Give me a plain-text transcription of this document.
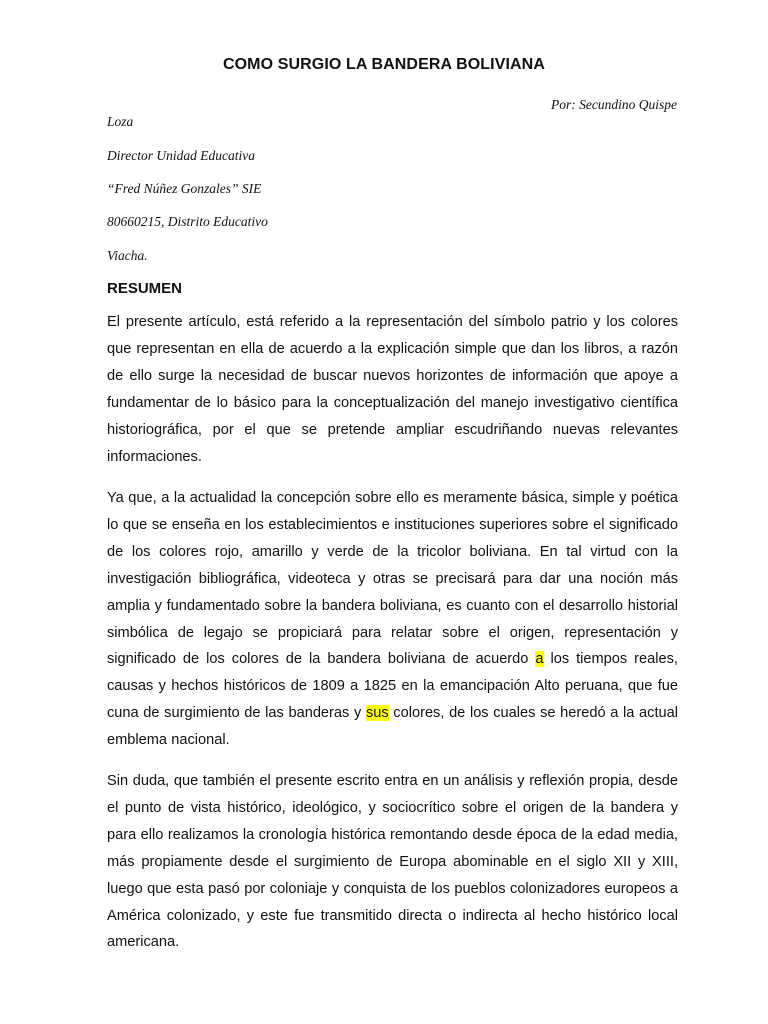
COMO SURGIO LA BANDERA BOLIVIANA

Por: Secundino Quispe

Loza

Director Unidad Educativa

“Fred Núñez Gonzales” SIE

80660215, Distrito Educativo

Viacha.

RESUMEN

El presente artículo, está referido a la representación del símbolo patrio y los colores que representan en ella de acuerdo a la explicación simple que dan los libros, a razón de ello surge la necesidad de buscar nuevos horizontes de información que apoye a fundamentar de lo básico para la conceptualización del manejo investigativo científica historiográfica, por el que se pretende ampliar escudriñando nuevas relevantes informaciones.

Ya que, a la actualidad la concepción sobre ello es meramente básica, simple y poética lo que se enseña en los establecimientos e instituciones superiores sobre el significado de los colores rojo, amarillo y verde de la tricolor boliviana. En tal virtud con la investigación bibliográfica, videoteca y otras se precisará para dar una noción más amplia y fundamentado sobre la bandera boliviana, es cuanto con el desarrollo historial simbólica de legajo se propiciará para relatar sobre el origen, representación y significado de los colores de la bandera boliviana de acuerdo a los tiempos reales, causas y hechos históricos de 1809 a 1825 en la emancipación Alto peruana, que fue cuna de surgimiento de las banderas y sus colores, de los cuales se heredó a la actual emblema nacional.

Sin duda, que también el presente escrito entra en un análisis y reflexión propia, desde el punto de vista histórico, ideológico, y sociocrítico sobre el origen de la bandera y para ello realizamos la cronología histórica remontando desde época de la edad media, más propiamente desde el surgimiento de Europa abominable en el siglo XII y XIII, luego que esta pasó por coloniaje y conquista de los pueblos colonizadores europeos a América colonizado, y este fue transmitido directa o indirecta al hecho histórico local americana.
